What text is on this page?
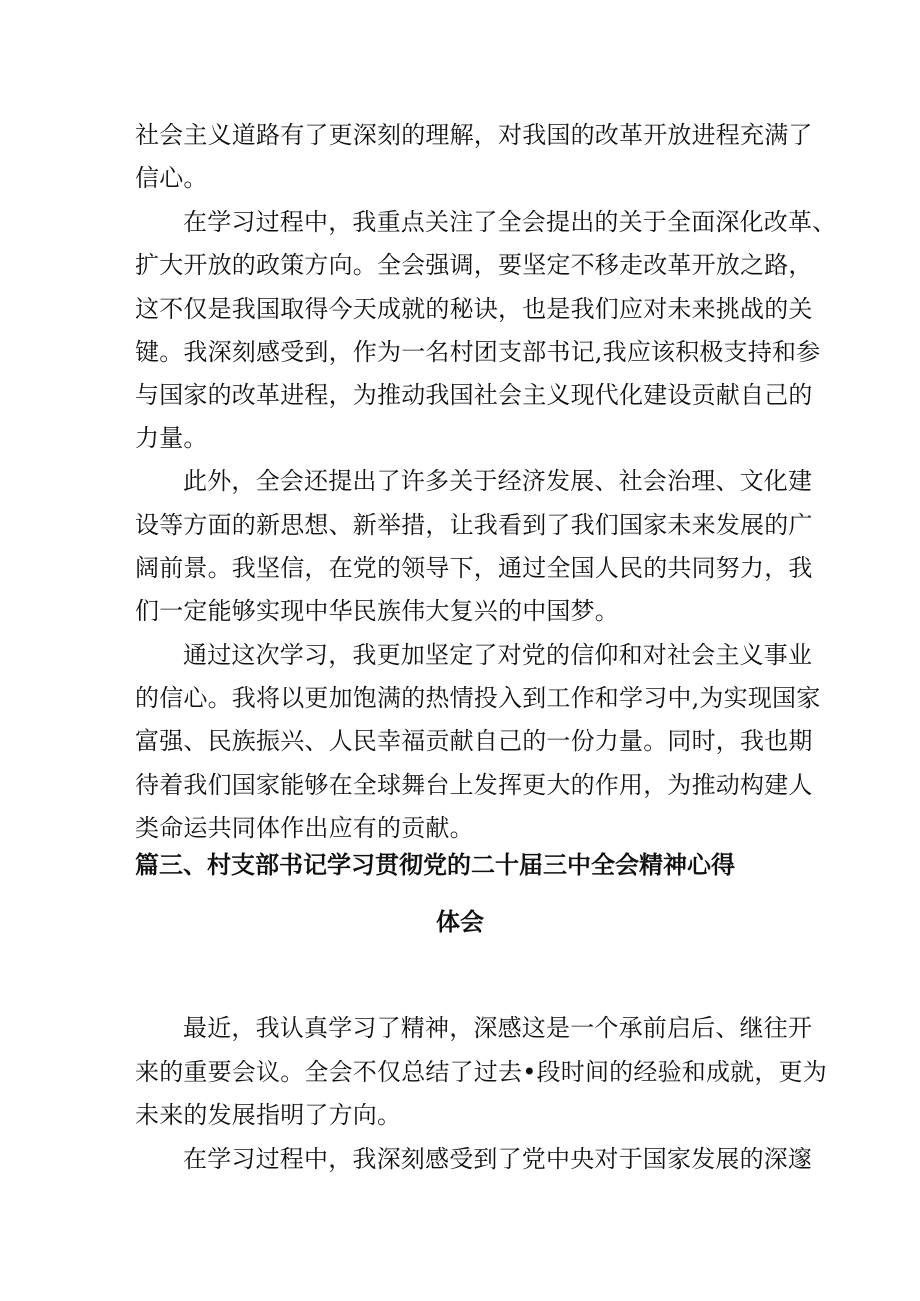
社会主义道路有了更深刻的理解，对我国的改革开放进程充满了
信心。
在学习过程中，我重点关注了全会提出的关于全面深化改革、
扩大开放的政策方向。全会强调，要坚定不移走改革开放之路，
这不仅是我国取得今天成就的秘诀，也是我们应对未来挑战的关
键。我深刻感受到，作为一名村团支部书记,我应该积极支持和参
与国家的改革进程，为推动我国社会主义现代化建设贡献自己的
力量。
此外，全会还提出了许多关于经济发展、社会治理、文化建
设等方面的新思想、新举措，让我看到了我们国家未来发展的广
阔前景。我坚信，在党的领导下，通过全国人民的共同努力，我
们一定能够实现中华民族伟大复兴的中国梦。
通过这次学习，我更加坚定了对党的信仰和对社会主义事业
的信心。我将以更加饱满的热情投入到工作和学习中,为实现国家
富强、民族振兴、人民幸福贡献自己的一份力量。同时，我也期
待着我们国家能够在全球舞台上发挥更大的作用，为推动构建人
类命运共同体作出应有的贡献。
篇三、村支部书记学习贯彻党的二十届三中全会精神心得
体会
最近，我认真学习了精神，深感这是一个承前启后、继往开
来的重要会议。全会不仅总结了过去•段时间的经验和成就，更为
未来的发展指明了方向。
在学习过程中，我深刻感受到了党中央对于国家发展的深邃
